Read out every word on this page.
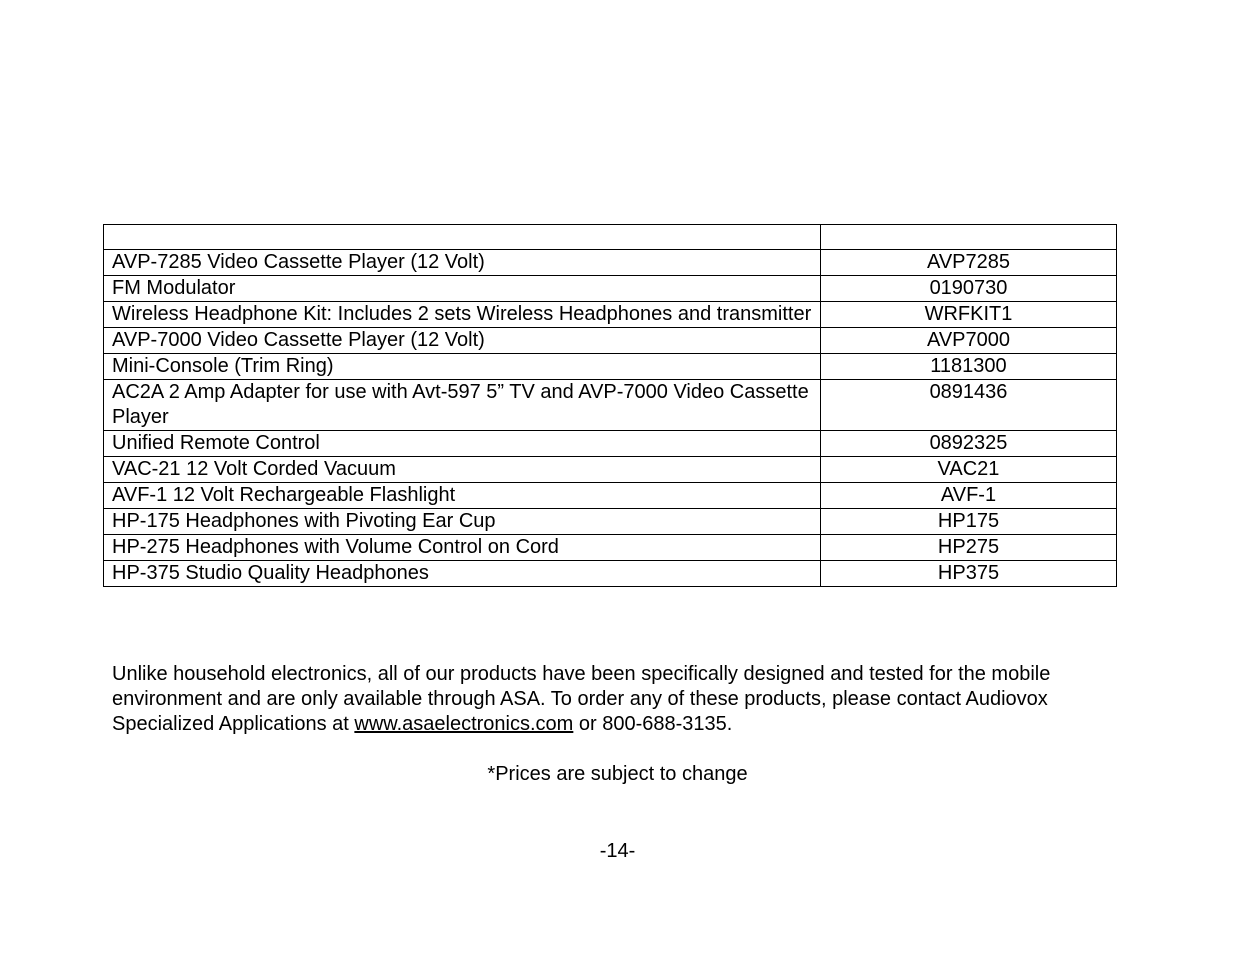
AVP-7285 Video Cassette Player (12 Volt)	AVP7285
FM Modulator	0190730
Wireless Headphone Kit: Includes 2 sets Wireless Headphones and transmitter	WRFKIT1
AVP-7000 Video Cassette Player (12 Volt)	AVP7000
Mini-Console (Trim Ring)	1181300
AC2A 2 Amp Adapter for use with Avt-597 5” TV and AVP-7000 Video Cassette Player	0891436
Unified Remote Control	0892325
VAC-21 12 Volt Corded Vacuum	VAC21
AVF-1 12 Volt Rechargeable Flashlight	AVF-1
HP-175 Headphones with Pivoting Ear Cup	HP175
HP-275 Headphones with Volume Control on Cord	HP275
HP-375 Studio Quality Headphones	HP375

Unlike household electronics, all of our products have been specifically designed and tested for the mobile environment and are only available through ASA. To order any of these products, please contact Audiovox Specialized Applications at www.asaelectronics.com or 800-688-3135.

*Prices are subject to change

-14-
